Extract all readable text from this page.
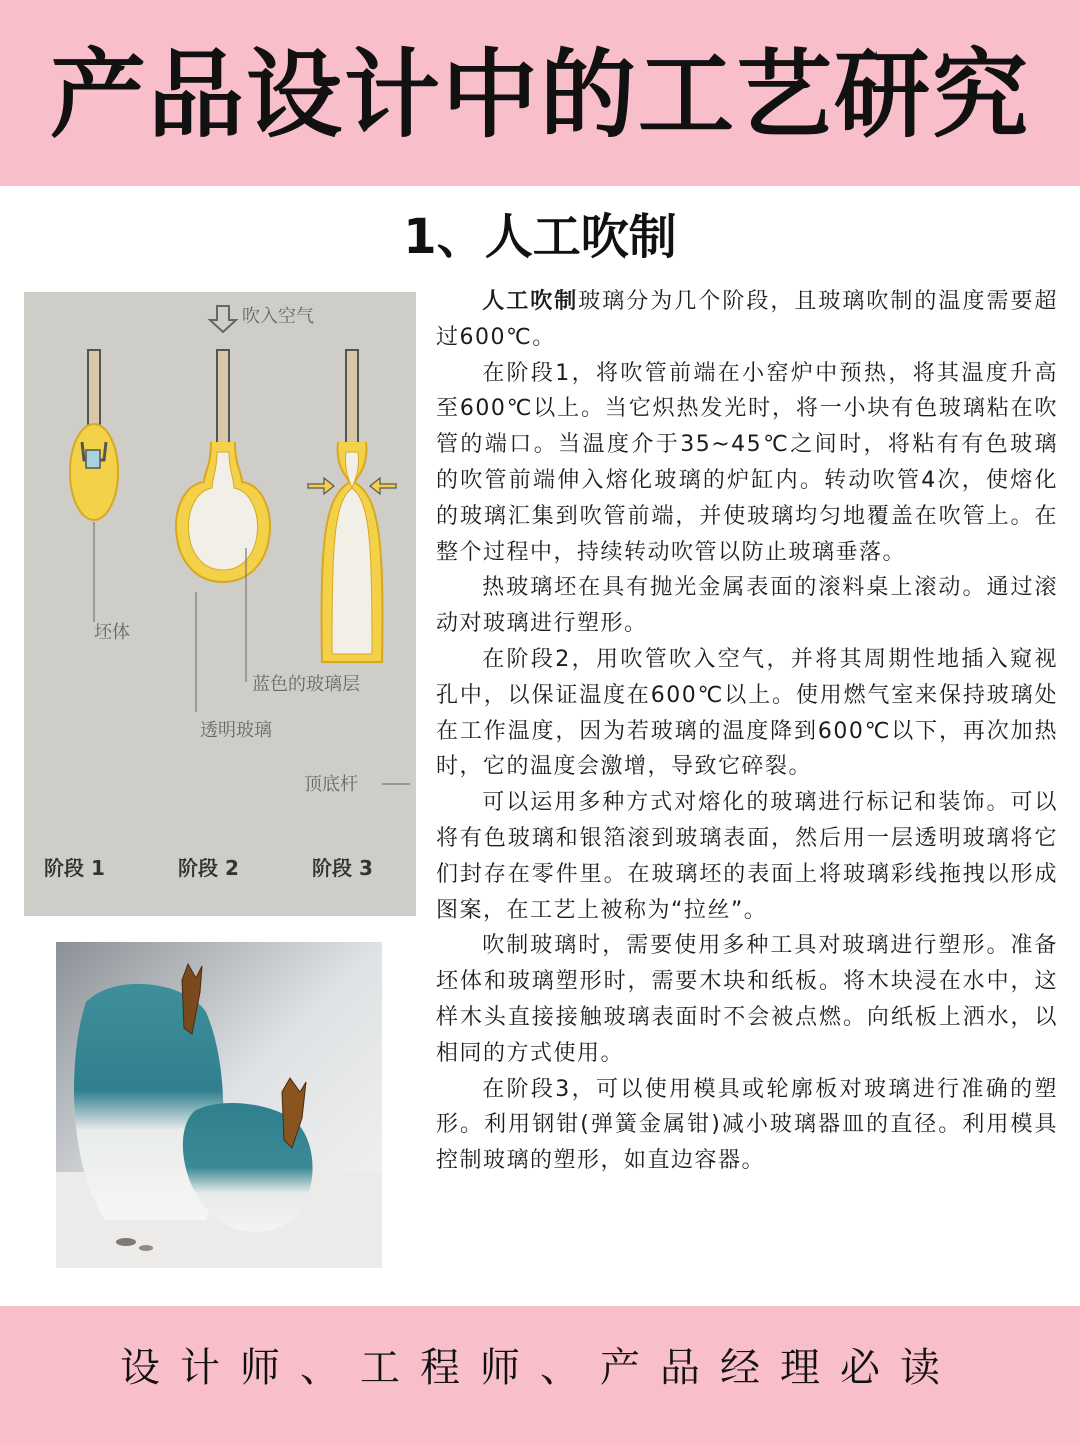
产品设计中的工艺研究
1、人工吹制
吹入空气
坯体
蓝色的玻璃层
透明玻璃
顶底杆
阶段 1	阶段 2	阶段 3

人工吹制玻璃分为几个阶段，且玻璃吹制的温度需要超过600℃。

在阶段1，将吹管前端在小窑炉中预热，将其温度升高至600℃以上。当它炽热发光时，将一小块有色玻璃粘在吹管的端口。当温度介于35~45℃之间时，将粘有有色玻璃的吹管前端伸入熔化玻璃的炉缸内。转动吹管4次，使熔化的玻璃汇集到吹管前端，并使玻璃均匀地覆盖在吹管上。在整个过程中，持续转动吹管以防止玻璃垂落。

热玻璃坯在具有抛光金属表面的滚料桌上滚动。通过滚动对玻璃进行塑形。

在阶段2，用吹管吹入空气，并将其周期性地插入窥视孔中，以保证温度在600℃以上。使用燃气室来保持玻璃处在工作温度，因为若玻璃的温度降到600℃以下，再次加热时，它的温度会激增，导致它碎裂。

可以运用多种方式对熔化的玻璃进行标记和装饰。可以将有色玻璃和银箔滚到玻璃表面，然后用一层透明玻璃将它们封存在零件里。在玻璃坯的表面上将玻璃彩线拖拽以形成图案，在工艺上被称为“拉丝”。

吹制玻璃时，需要使用多种工具对玻璃进行塑形。准备坯体和玻璃塑形时，需要木块和纸板。将木块浸在水中，这样木头直接接触玻璃表面时不会被点燃。向纸板上洒水，以相同的方式使用。

在阶段3，可以使用模具或轮廓板对玻璃进行准确的塑形。利用钢钳(弹簧金属钳)减小玻璃器皿的直径。利用模具控制玻璃的塑形，如直边容器。

设计师、工程师、产品经理必读
